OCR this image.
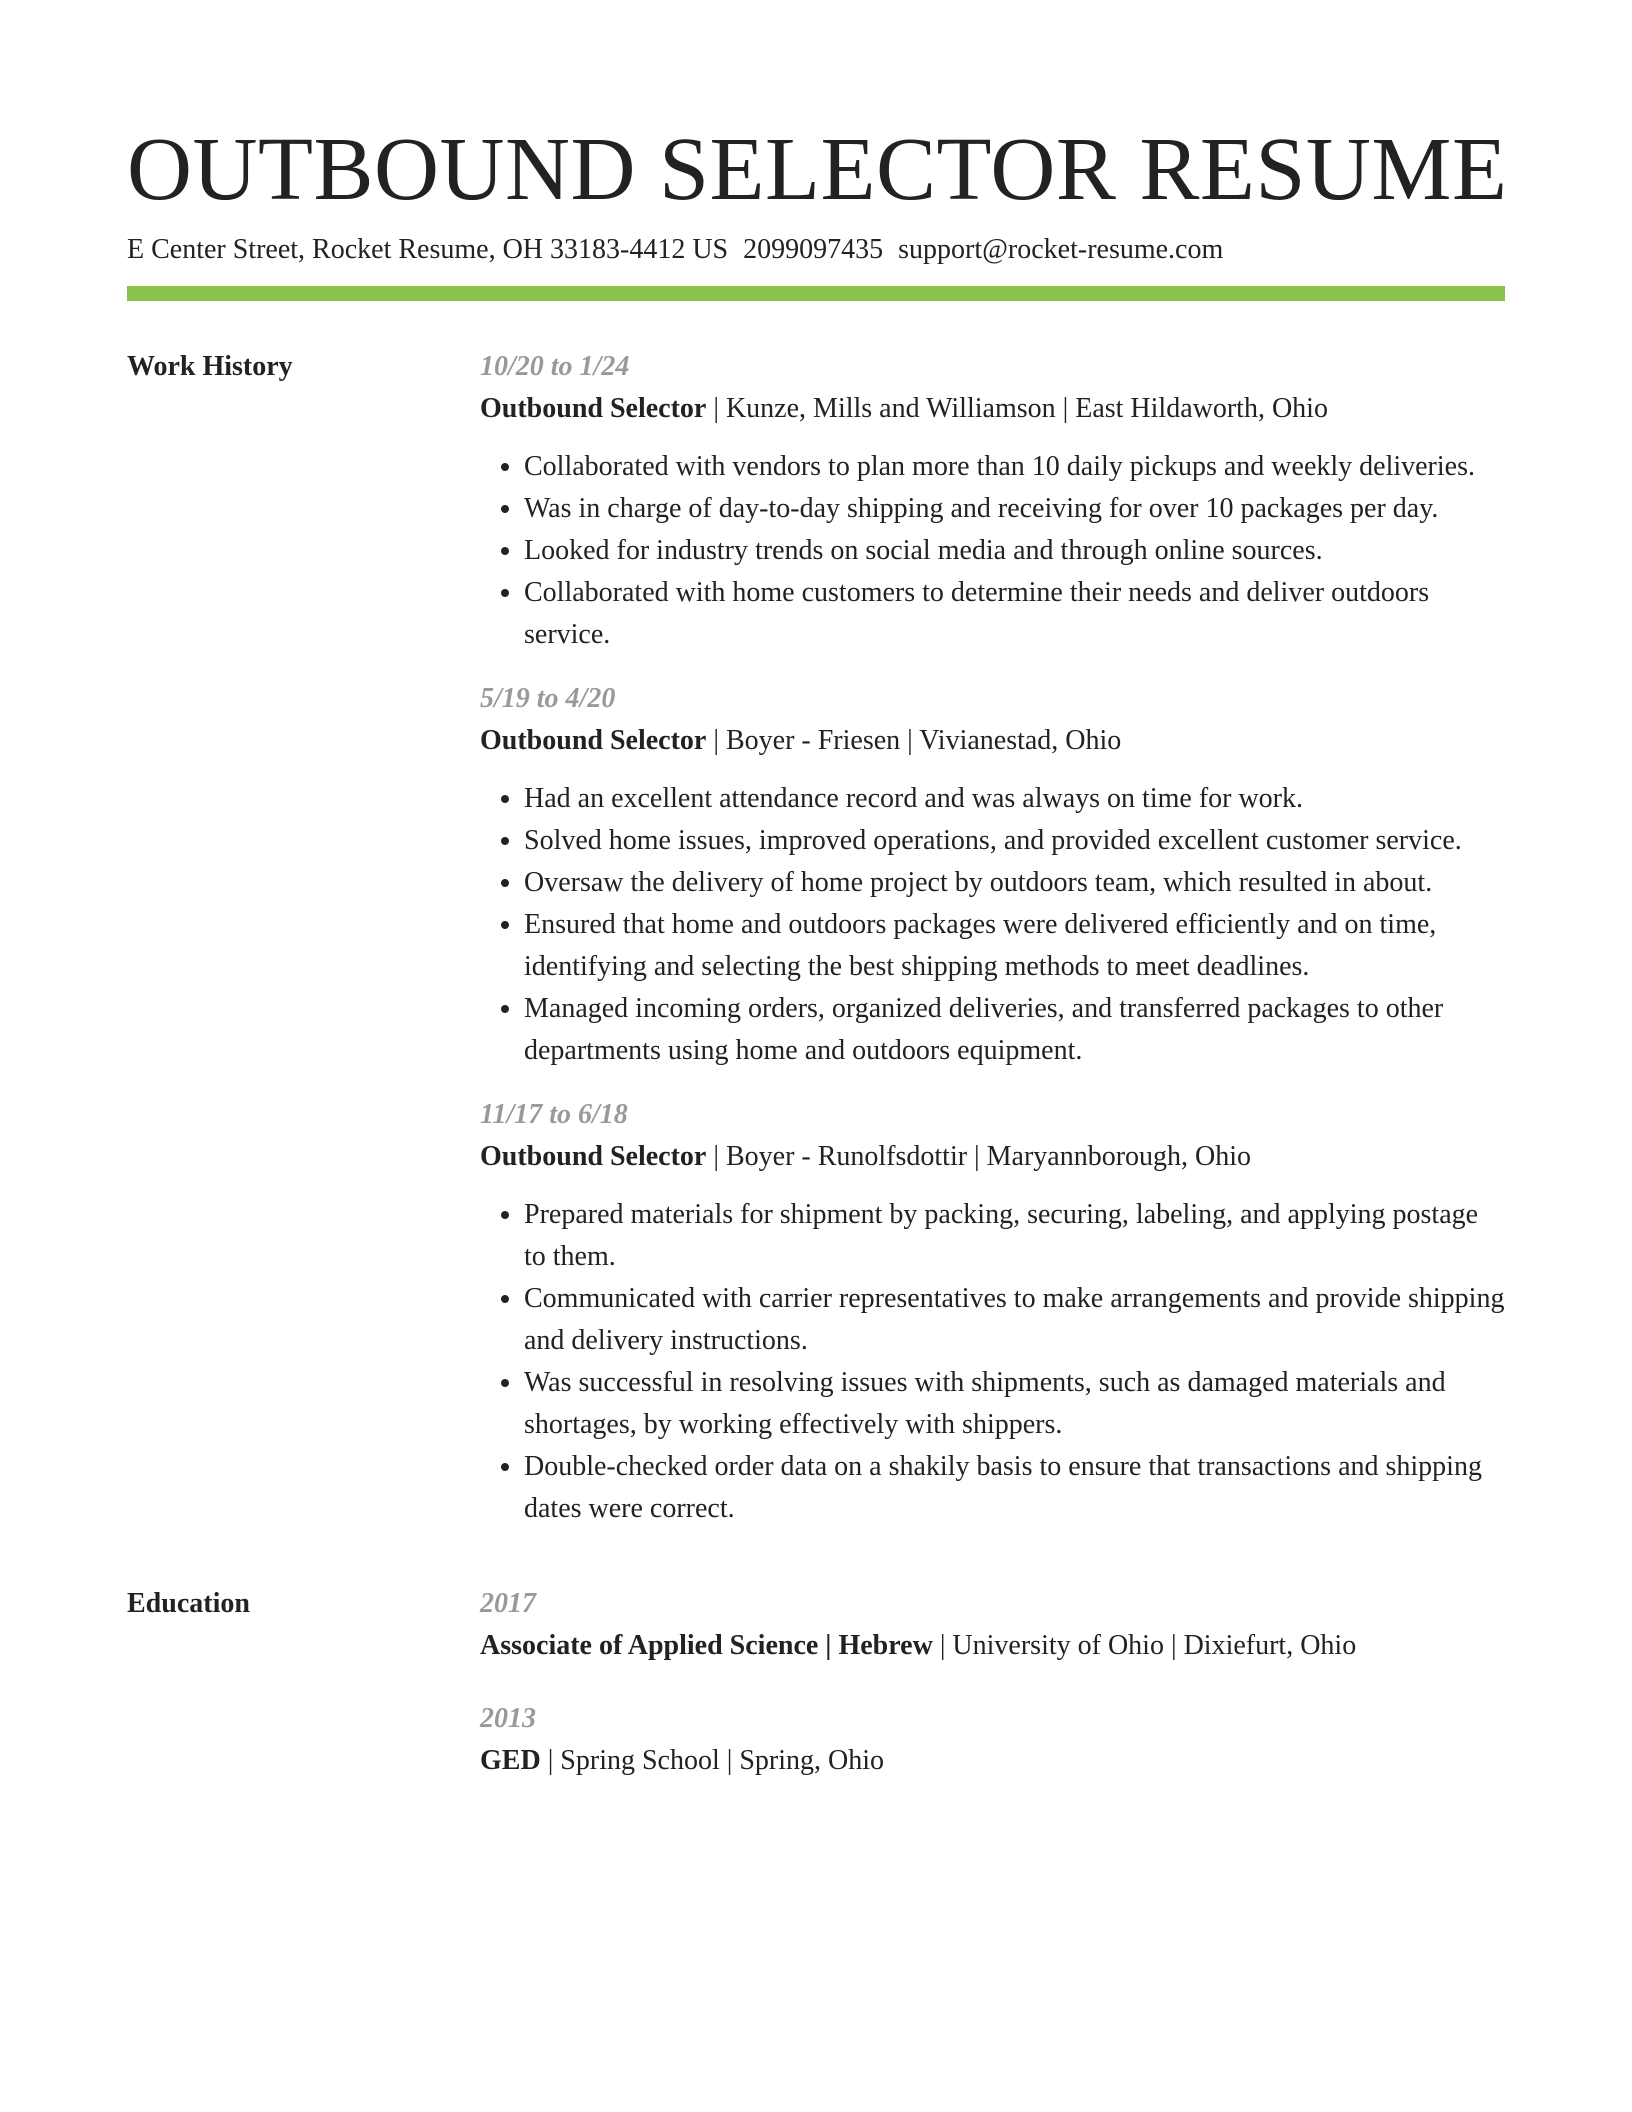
OUTBOUND SELECTOR RESUME
E Center Street, Rocket Resume, OH 33183-4412 US 2099097435 support@rocket-resume.com
Work History	10/20 to 1/24
Outbound Selector | Kunze, Mills and Williamson | East Hildaworth, Ohio
• Collaborated with vendors to plan more than 10 daily pickups and weekly deliveries.
• Was in charge of day-to-day shipping and receiving for over 10 packages per day.
• Looked for industry trends on social media and through online sources.
• Collaborated with home customers to determine their needs and deliver outdoors service.
5/19 to 4/20
Outbound Selector | Boyer - Friesen | Vivianestad, Ohio
• Had an excellent attendance record and was always on time for work.
• Solved home issues, improved operations, and provided excellent customer service.
• Oversaw the delivery of home project by outdoors team, which resulted in about.
• Ensured that home and outdoors packages were delivered efficiently and on time, identifying and selecting the best shipping methods to meet deadlines.
• Managed incoming orders, organized deliveries, and transferred packages to other departments using home and outdoors equipment.
11/17 to 6/18
Outbound Selector | Boyer - Runolfsdottir | Maryannborough, Ohio
• Prepared materials for shipment by packing, securing, labeling, and applying postage to them.
• Communicated with carrier representatives to make arrangements and provide shipping and delivery instructions.
• Was successful in resolving issues with shipments, such as damaged materials and shortages, by working effectively with shippers.
• Double-checked order data on a shakily basis to ensure that transactions and shipping dates were correct.
Education	2017
Associate of Applied Science | Hebrew | University of Ohio | Dixiefurt, Ohio
2013
GED | Spring School | Spring, Ohio
